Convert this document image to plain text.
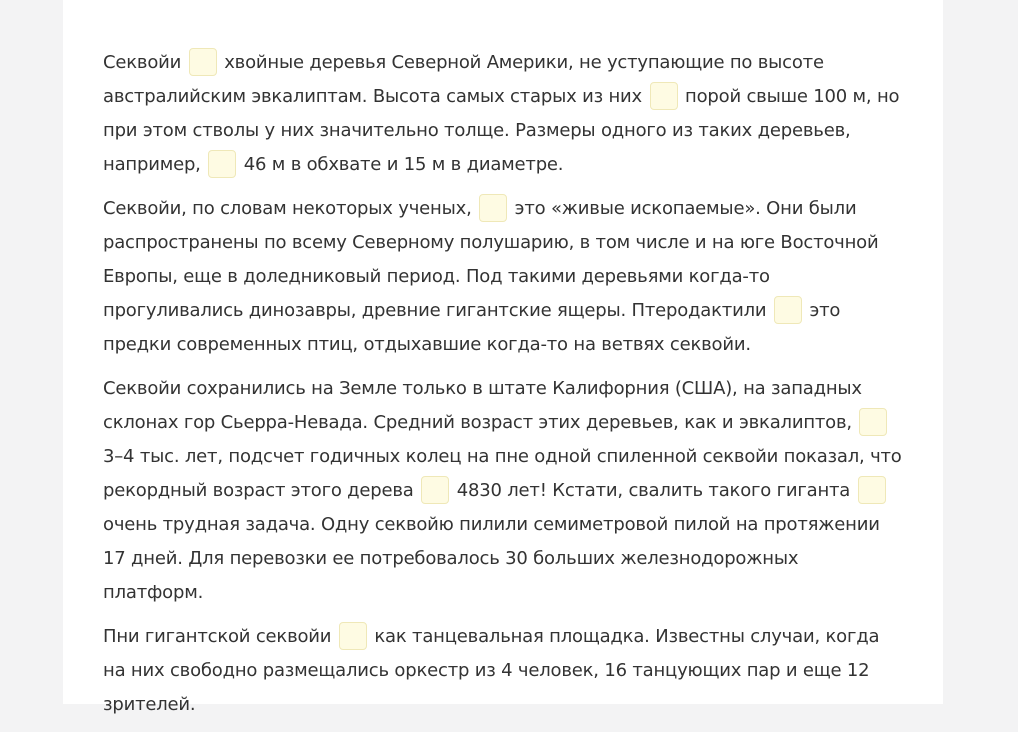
Секвойи хвойные деревья Северной Америки, не уступающие по высоте австралийским эвкалиптам. Высота самых старых из них порой свыше 100 м, но при этом стволы у них значительно толще. Размеры одного из таких деревьев, например, 46 м в обхвате и 15 м в диаметре.

Секвойи, по словам некоторых ученых, это «живые ископаемые». Они были распространены по всему Северному полушарию, в том числе и на юге Восточной Европы, еще в доледниковый период. Под такими деревьями когда-то прогуливались динозавры, древние гигантские ящеры. Птеродактили это предки современных птиц, отдыхавшие когда-то на ветвях секвойи.

Секвойи сохранились на Земле только в штате Калифорния (США), на западных склонах гор Сьерра-Невада. Средний возраст этих деревьев, как и эвкалиптов,  3–4 тыс. лет, подсчет годичных колец на пне одной спиленной секвойи показал, что рекордный возраст этого дерева 4830 лет! Кстати, свалить такого гиганта  очень трудная задача. Одну секвойю пилили семиметровой пилой на протяжении 17 дней. Для перевозки ее потребовалось 30 больших железнодорожных платформ.

Пни гигантской секвойи как танцевальная площадка. Известны случаи, когда на них свободно размещались оркестр из 4 человек, 16 танцующих пар и еще 12 зрителей.
